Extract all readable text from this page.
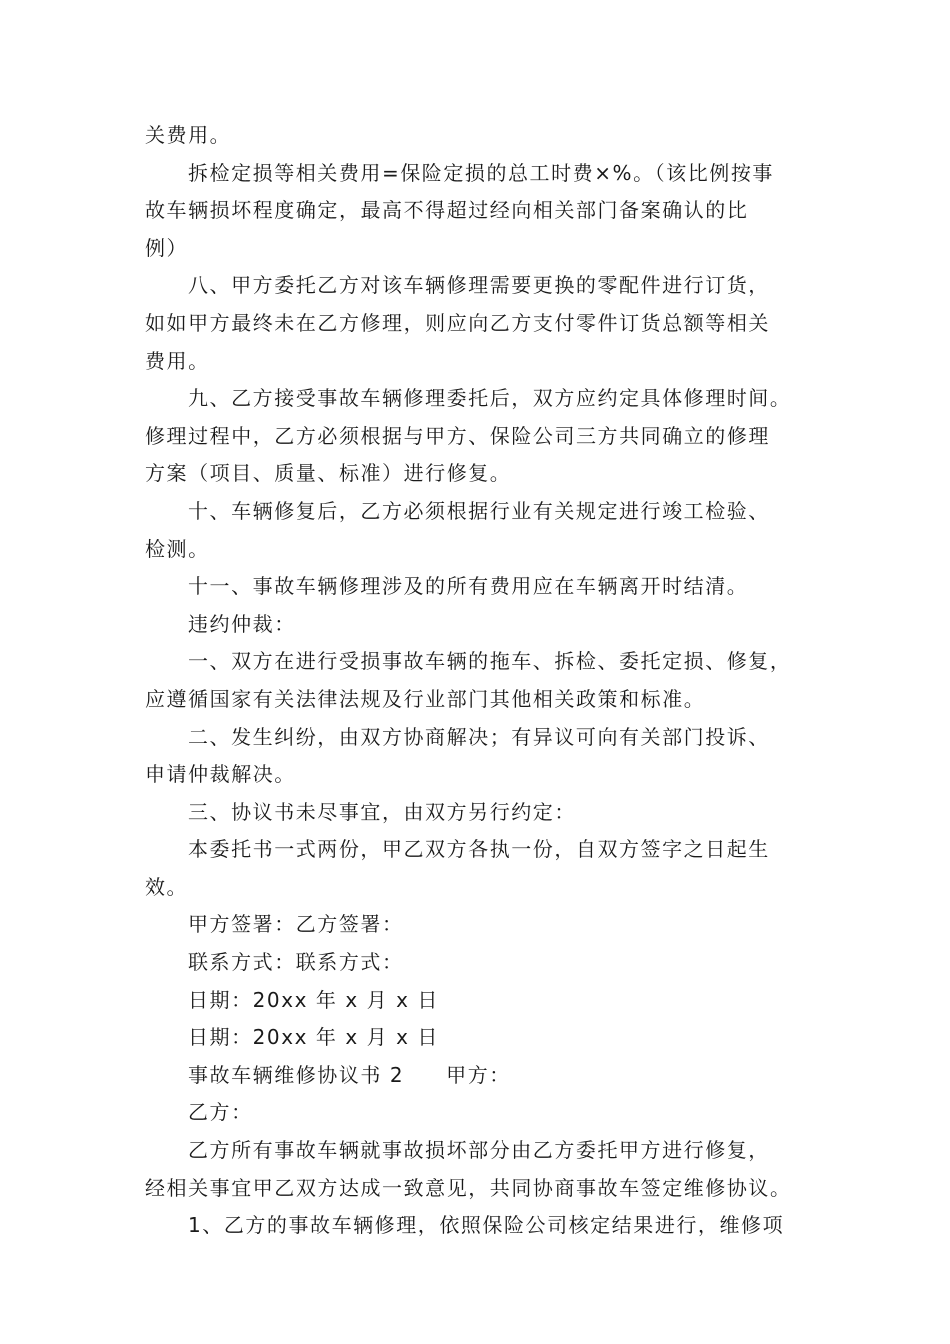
关费用。
拆检定损等相关费用=保险定损的总工时费×%。（该比例按事
故车辆损坏程度确定，最高不得超过经向相关部门备案确认的比
例）
八、甲方委托乙方对该车辆修理需要更换的零配件进行订货，
如如甲方最终未在乙方修理，则应向乙方支付零件订货总额等相关
费用。
九、乙方接受事故车辆修理委托后，双方应约定具体修理时间。
修理过程中，乙方必须根据与甲方、保险公司三方共同确立的修理
方案（项目、质量、标准）进行修复。
十、车辆修复后，乙方必须根据行业有关规定进行竣工检验、
检测。
十一、事故车辆修理涉及的所有费用应在车辆离开时结清。
违约仲裁：
一、双方在进行受损事故车辆的拖车、拆检、委托定损、修复，
应遵循国家有关法律法规及行业部门其他相关政策和标准。
二、发生纠纷，由双方协商解决；有异议可向有关部门投诉、
申请仲裁解决。
三、协议书未尽事宜，由双方另行约定：
本委托书一式两份，甲乙双方各执一份，自双方签字之日起生
效。
甲方签署：乙方签署：
联系方式：联系方式：
日期：20xx 年 x 月 x 日
日期：20xx 年 x 月 x 日
事故车辆维修协议书 2 甲方：
乙方：
乙方所有事故车辆就事故损坏部分由乙方委托甲方进行修复，
经相关事宜甲乙双方达成一致意见，共同协商事故车签定维修协议。
1、乙方的事故车辆修理，依照保险公司核定结果进行，维修项
